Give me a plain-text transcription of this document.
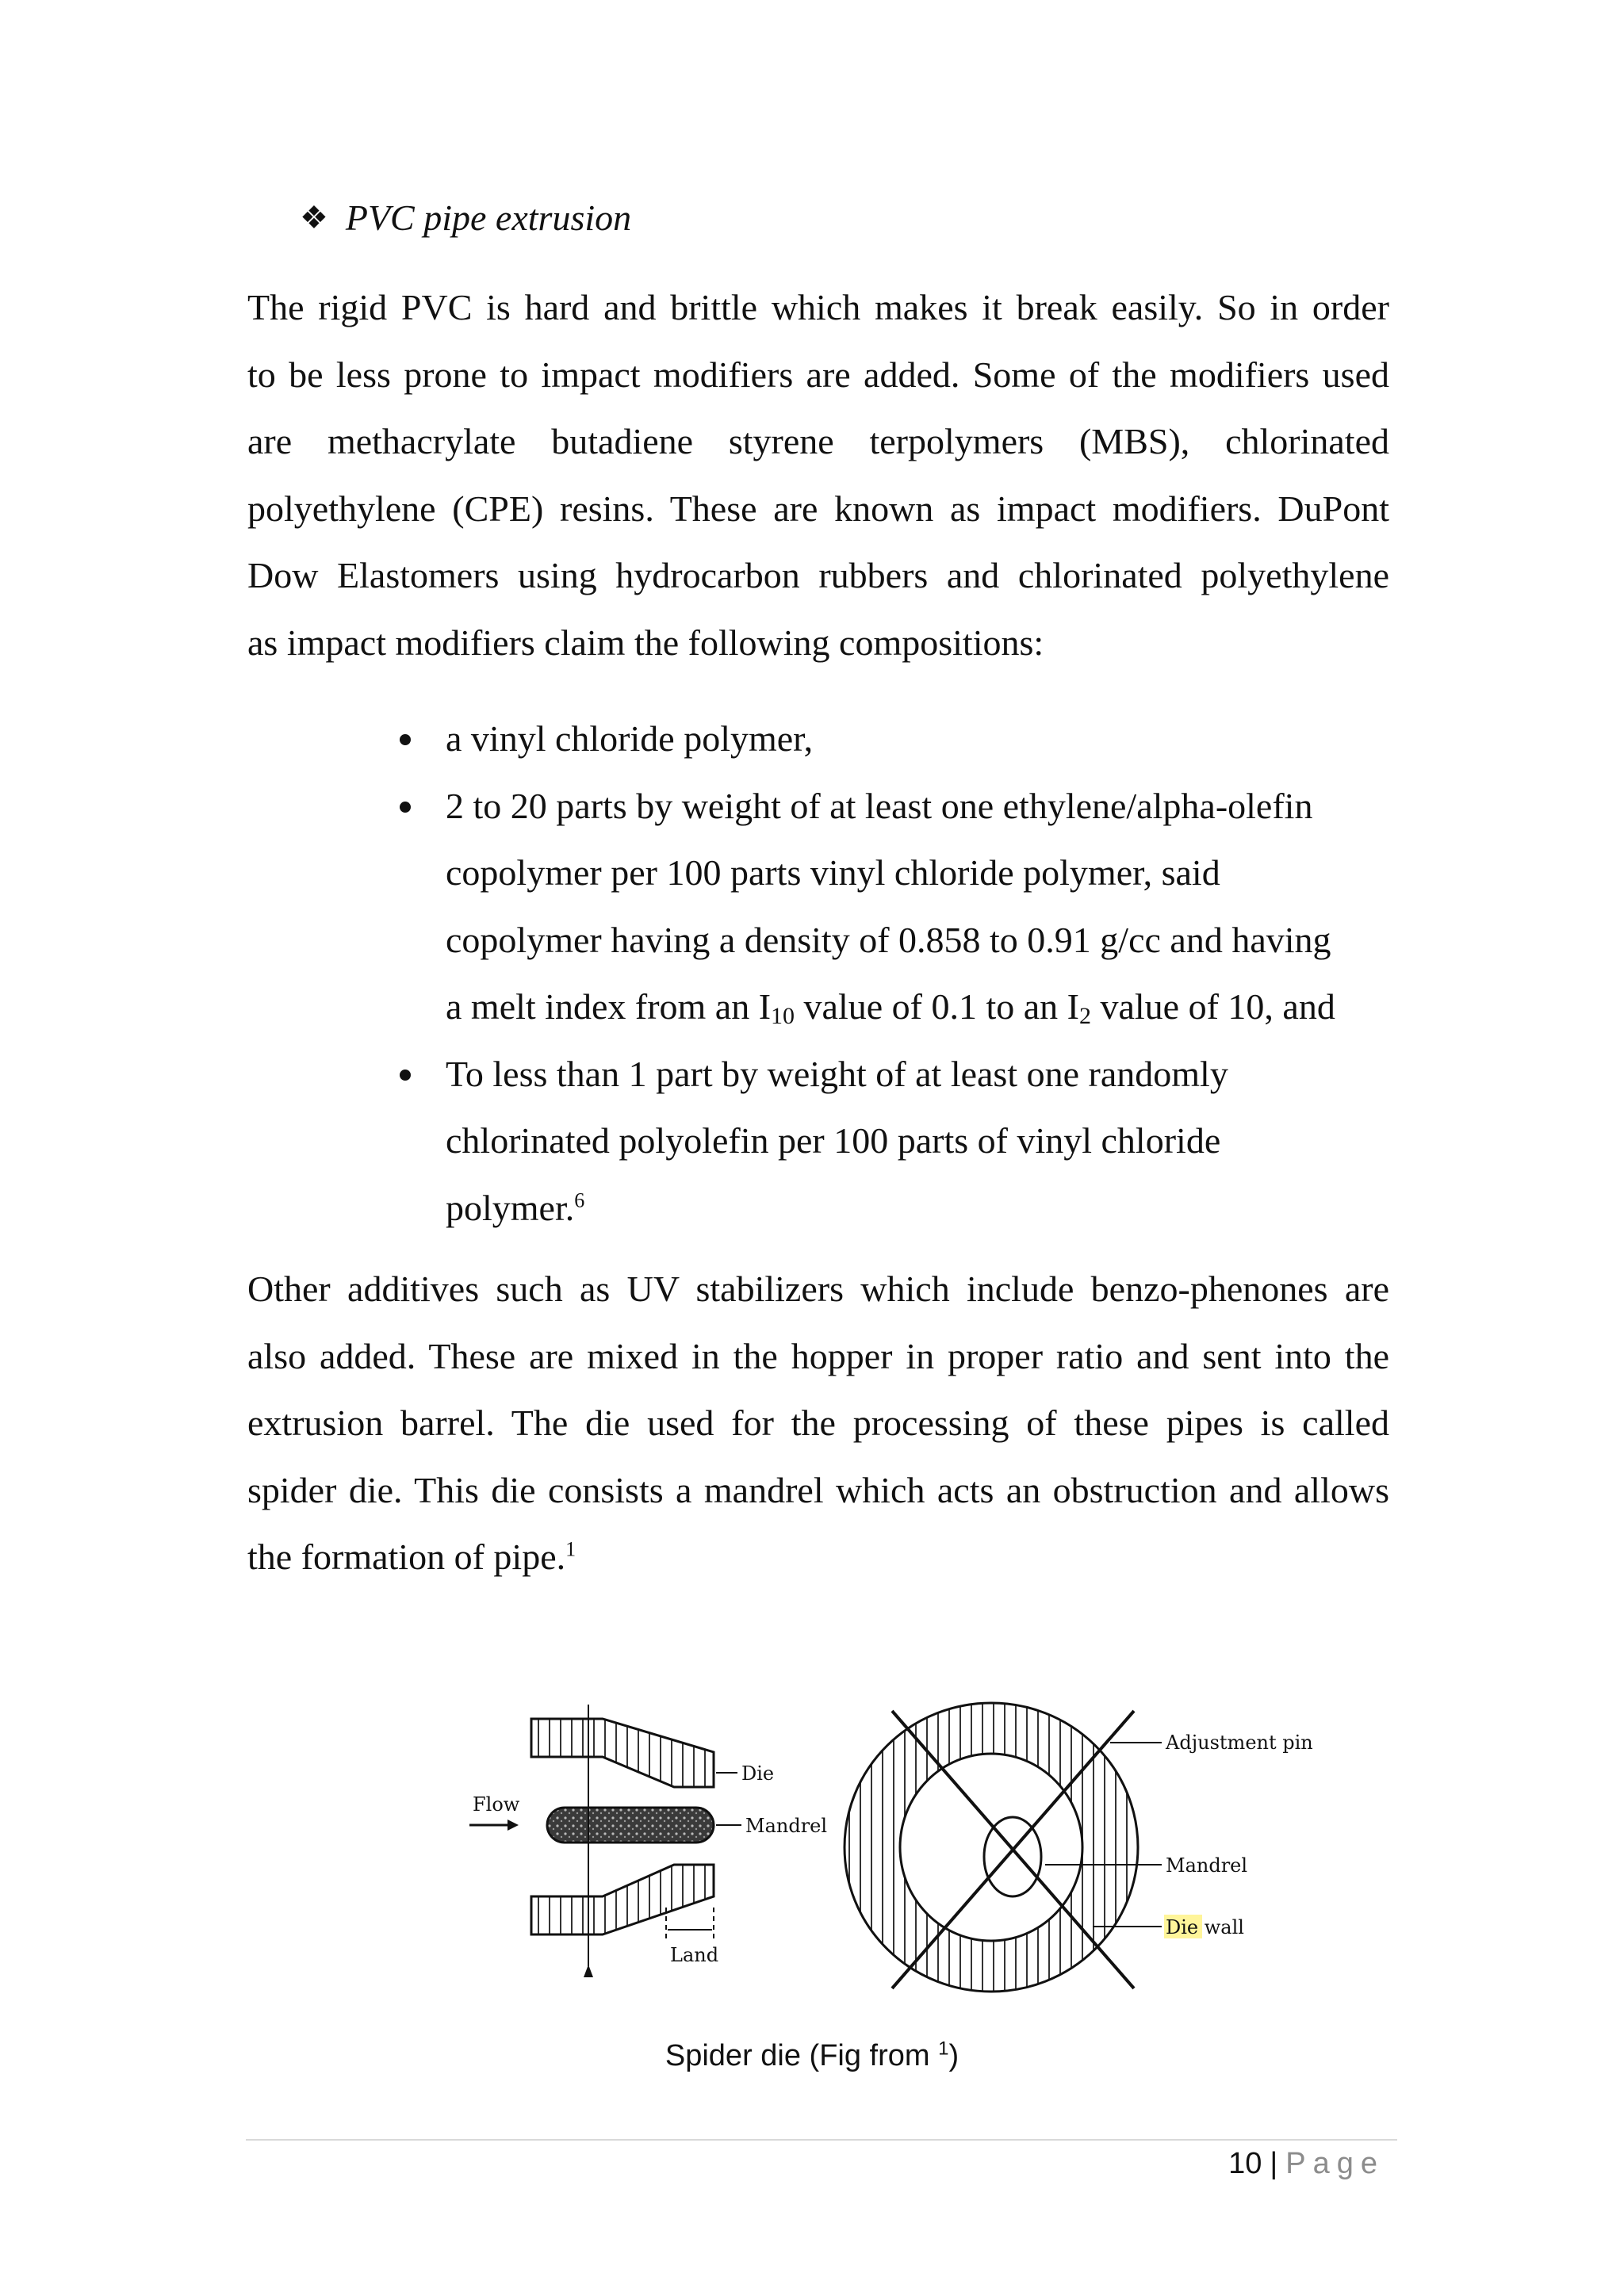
❖ PVC pipe extrusion
The rigid PVC is hard and brittle which makes it break easily. So in order
to be less prone to impact modifiers are added. Some of the modifiers used
are methacrylate butadiene styrene terpolymers (MBS), chlorinated
polyethylene (CPE) resins. These are known as impact modifiers. DuPont
Dow Elastomers using hydrocarbon rubbers and chlorinated polyethylene
as impact modifiers claim the following compositions:
a vinyl chloride polymer,
2 to 20 parts by weight of at least one ethylene/alpha-olefin
copolymer per 100 parts vinyl chloride polymer, said
copolymer having a density of 0.858 to 0.91 g/cc and having
a melt index from an $I_{10}$ value of 0.1 to an $I_2$ value of 10, and
To less than 1 part by weight of at least one randomly
chlorinated polyolefin per 100 parts of vinyl chloride
polymer.$^6$
Other additives such as UV stabilizers which include benzo-phenones are
also added. These are mixed in the hopper in proper ratio and sent into the
extrusion barrel. The die used for the processing of these pipes is called
spider die. This die consists a mandrel which acts an obstruction and allows
the formation of pipe.$^1$
Flow
Die
Mandrel
Land
Adjustment pin
Mandrel
Die wall
Spider die (Fig from $^1$)
10 | Page
